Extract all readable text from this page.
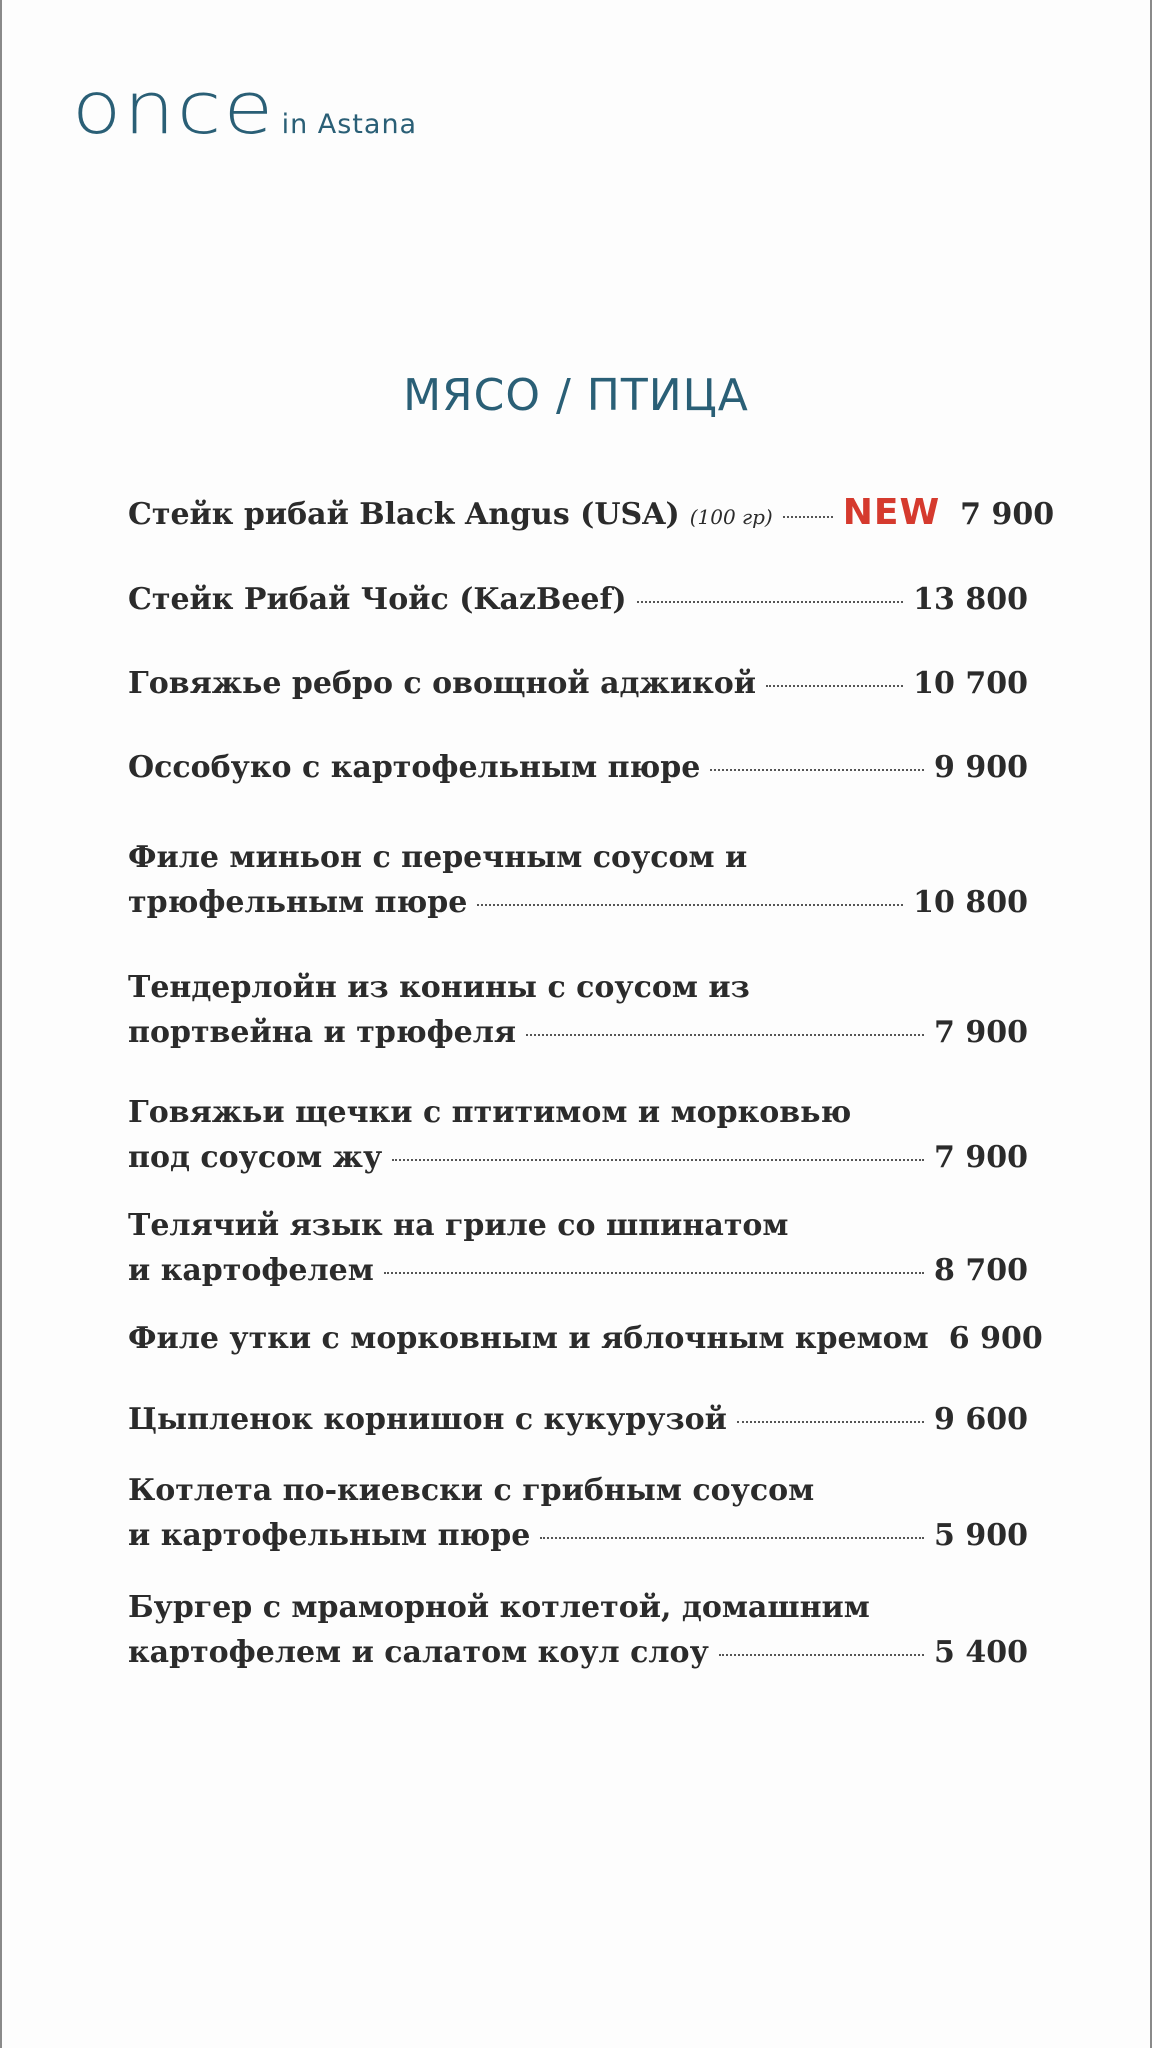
once in Astana
МЯСО / ПТИЦА
Стейк рибай Black Angus (USA) (100 гр) NEW 7 900
Стейк Рибай Чойс (KazBeef)	13 800
Говяжье ребро с овощной аджикой	10 700
Оссобуко с картофельным пюре	9 900
Филе миньон с перечным соусом и
трюфельным пюре	10 800
Тендерлойн из конины с соусом из
портвейна и трюфеля	7 900
Говяжьи щечки с птитимом и морковью
под соусом жу	7 900
Телячий язык на гриле со шпинатом
и картофелем	8 700
Филе утки с морковным и яблочным кремом 6 900
Цыпленок корнишон с кукурузой	9 600
Котлета по-киевски с грибным соусом
и картофельным пюре	5 900
Бургер с мраморной котлетой, домашним
картофелем и салатом коул слоу	5 400
